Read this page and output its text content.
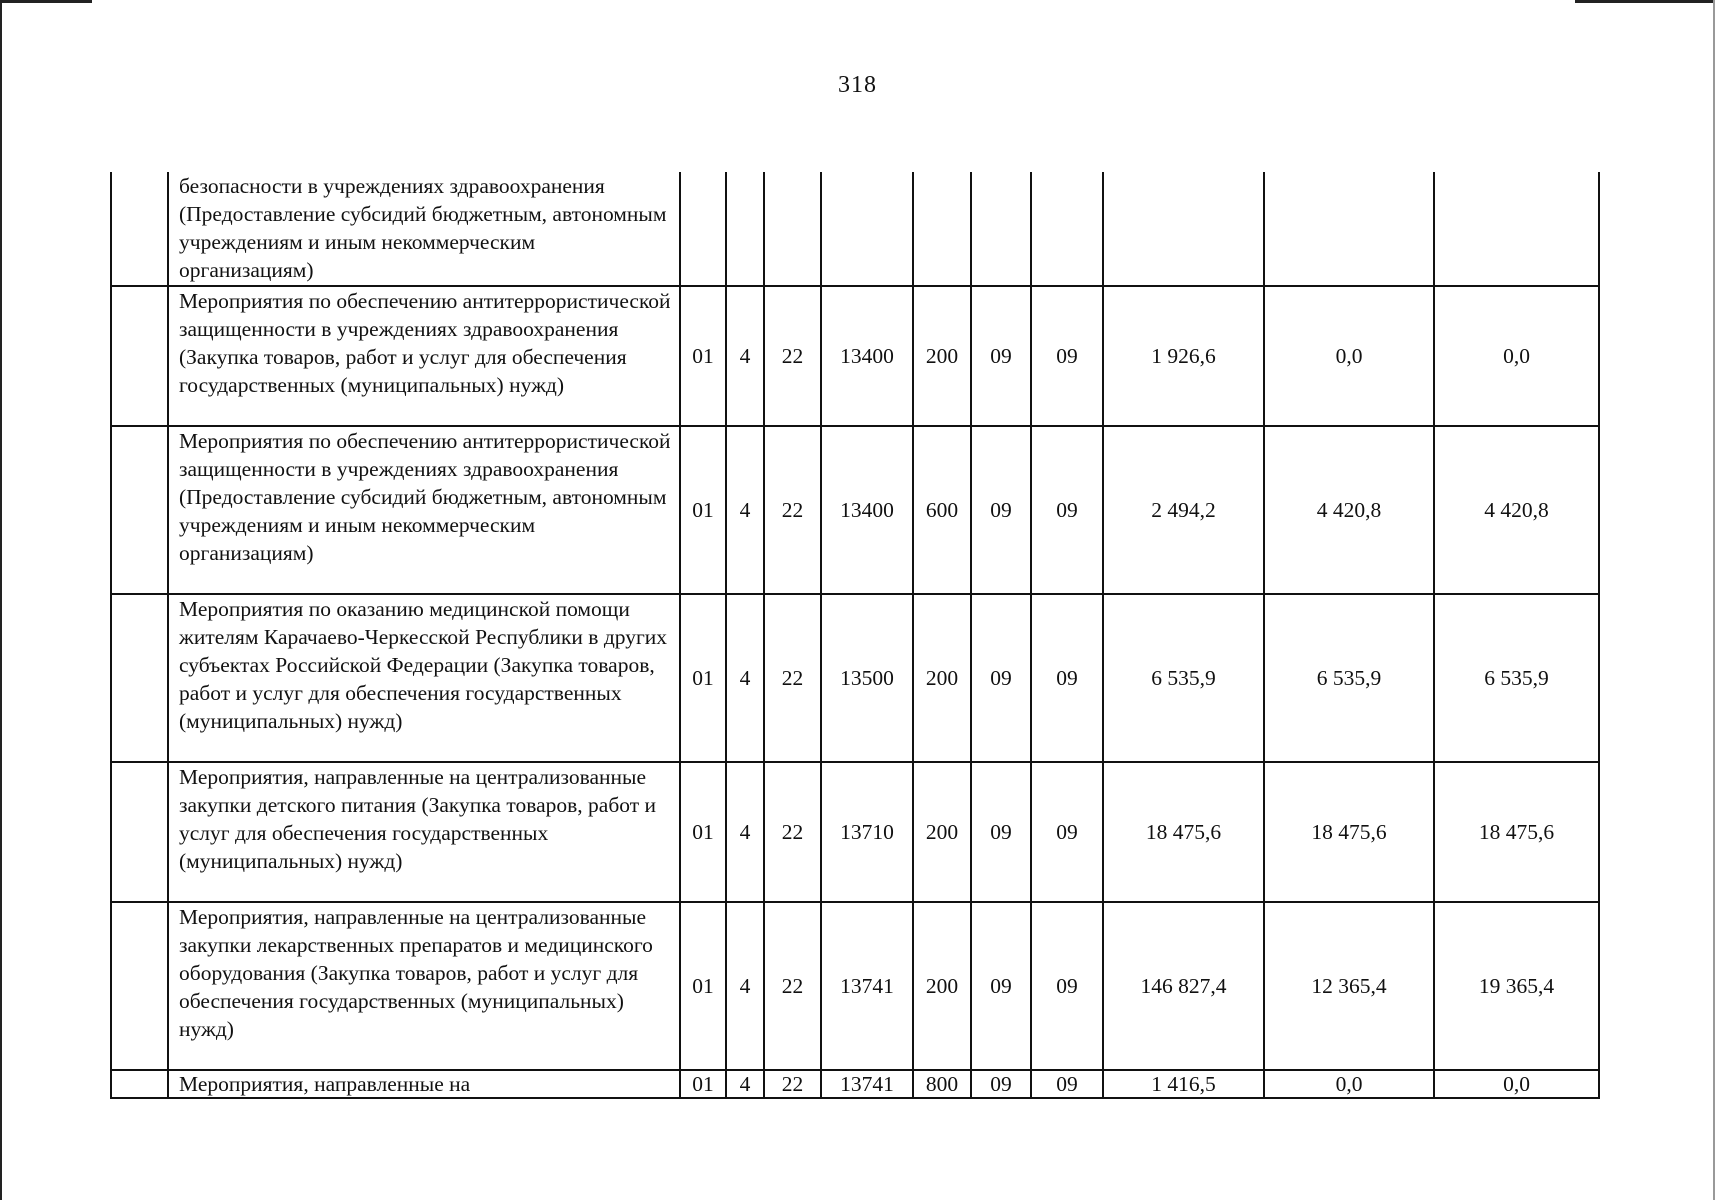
318
	безопасности в учреждениях здравоохранения (Предоставление субсидий бюджетным, автономным учреждениям и иным некоммерческим организациям)										
	Мероприятия по обеспечению антитеррористической защищенности в учреждениях здравоохранения (Закупка товаров, работ и услуг для обеспечения государственных (муниципальных) нужд)	01	4	22	13400	200	09	09	1 926,6	0,0	0,0
	Мероприятия по обеспечению антитеррористической защищенности в учреждениях здравоохранения (Предоставление субсидий бюджетным, автономным учреждениям и иным некоммерческим организациям)	01	4	22	13400	600	09	09	2 494,2	4 420,8	4 420,8
	Мероприятия по оказанию медицинской помощи жителям Карачаево-Черкесской Республики в других субъектах Российской Федерации (Закупка товаров, работ и услуг для обеспечения государственных (муниципальных) нужд)	01	4	22	13500	200	09	09	6 535,9	6 535,9	6 535,9
	Мероприятия, направленные на централизованные закупки детского питания (Закупка товаров, работ и услуг для обеспечения государственных (муниципальных) нужд)	01	4	22	13710	200	09	09	18 475,6	18 475,6	18 475,6
	Мероприятия, направленные на централизованные закупки лекарственных препаратов и медицинского оборудования (Закупка товаров, работ и услуг для обеспечения государственных (муниципальных) нужд)	01	4	22	13741	200	09	09	146 827,4	12 365,4	19 365,4
	Мероприятия, направленные на	01	4	22	13741	800	09	09	1 416,5	0,0	0,0
